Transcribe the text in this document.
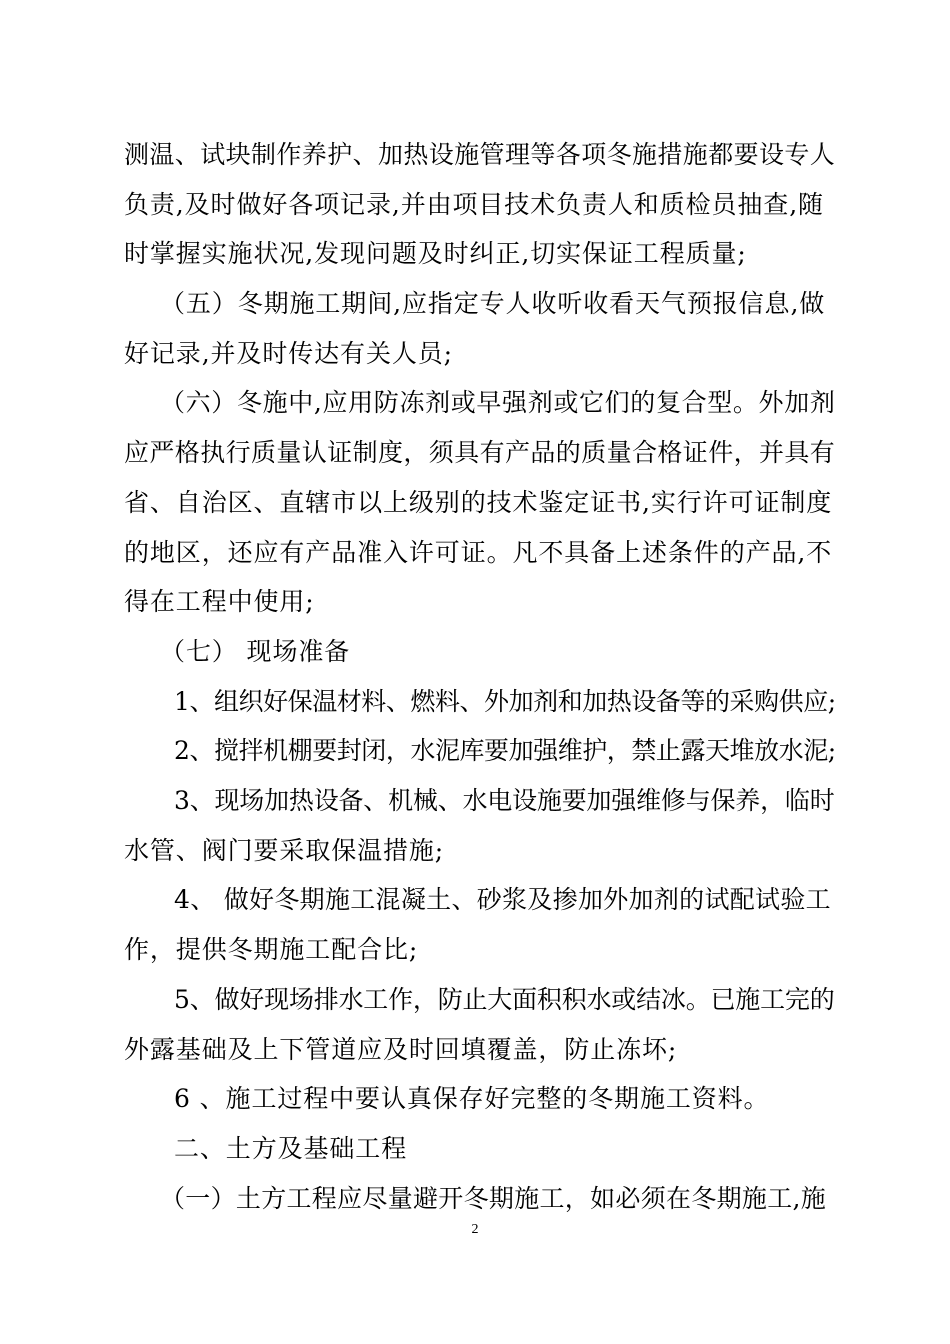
测温、试块制作养护、加热设施管理等各项冬施措施都要设专人

负责,及时做好各项记录,并由项目技术负责人和质检员抽查,随

时掌握实施状况,发现问题及时纠正,切实保证工程质量;

（五）冬期施工期间,应指定专人收听收看天气预报信息,做

好记录,并及时传达有关人员;

（六）冬施中,应用防冻剂或早强剂或它们的复合型。外加剂

应严格执行质量认证制度，须具有产品的质量合格证件，并具有

省、自治区、直辖市以上级别的技术鉴定证书,实行许可证制度

的地区，还应有产品准入许可证。凡不具备上述条件的产品,不

得在工程中使用;

（七） 现场准备

1、组织好保温材料、燃料、外加剂和加热设备等的采购供应;

2、搅拌机棚要封闭，水泥库要加强维护，禁止露天堆放水泥;

3、现场加热设备、机械、水电设施要加强维修与保养，临时

水管、阀门要采取保温措施;

4、 做好冬期施工混凝土、砂浆及掺加外加剂的试配试验工

作，提供冬期施工配合比;

5、做好现场排水工作，防止大面积积水或结冰。已施工完的

外露基础及上下管道应及时回填覆盖，防止冻坏;

6 、施工过程中要认真保存好完整的冬期施工资料。

二、土方及基础工程

（一）土方工程应尽量避开冬期施工，如必须在冬期施工,施

2
